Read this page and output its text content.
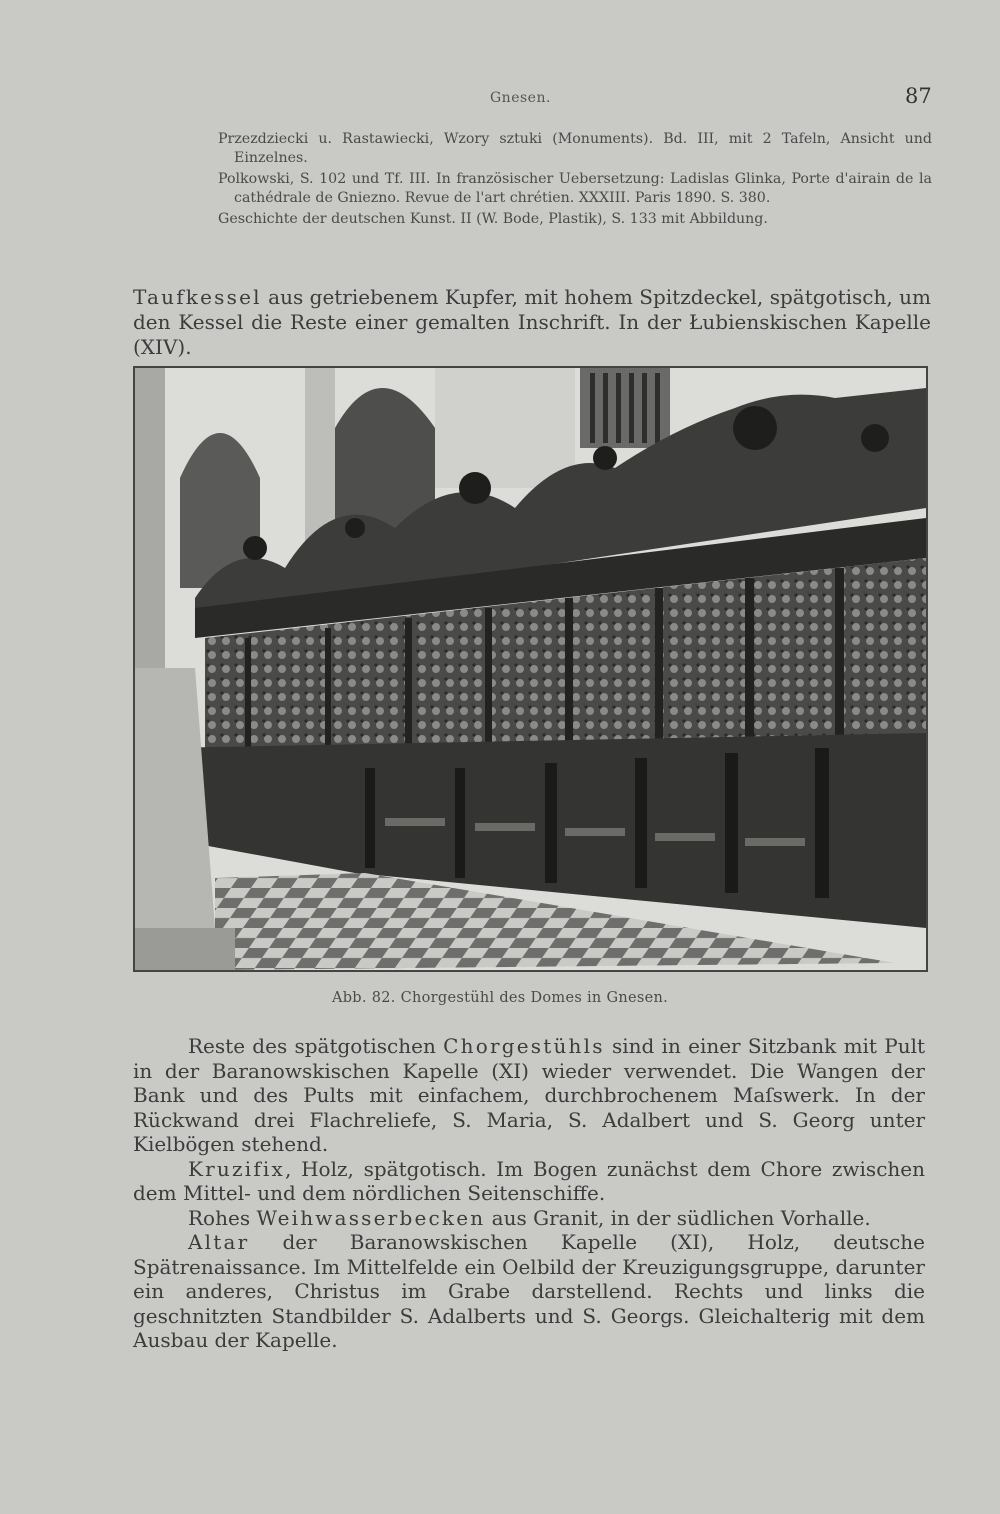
Gnesen.	87

Przezdziecki u. Rastawiecki, Wzory sztuki (Monuments). Bd. III, mit 2 Tafeln, Ansicht und Einzelnes.

Polkowski, S. 102 und Tf. III. In französischer Uebersetzung: Ladislas Glinka, Porte d'airain de la cathédrale de Gniezno. Revue de l'art chrétien. XXXIII. Paris 1890. S. 380.

Geschichte der deutschen Kunst. II (W. Bode, Plastik), S. 133 mit Abbildung.

Taufkessel aus getriebenem Kupfer, mit hohem Spitzdeckel, spätgotisch, um den Kessel die Reste einer gemalten Inschrift. In der Łubienskischen Kapelle (XIV).

Abb. 82. Chorgestühl des Domes in Gnesen.

Reste des spätgotischen Chorgestühls sind in einer Sitzbank mit Pult in der Baranowskischen Kapelle (XI) wieder verwendet. Die Wangen der Bank und des Pults mit einfachem, durchbrochenem Maſswerk. In der Rückwand drei Flachreliefe, S. Maria, S. Adalbert und S. Georg unter Kielbögen stehend.

Kruzifix, Holz, spätgotisch. Im Bogen zunächst dem Chore zwischen dem Mittel- und dem nördlichen Seitenschiffe.

Rohes Weihwasserbecken aus Granit, in der südlichen Vorhalle.

Altar der Baranowskischen Kapelle (XI), Holz, deutsche Spätrenaissance. Im Mittelfelde ein Oelbild der Kreuzigungsgruppe, darunter ein anderes, Christus im Grabe darstellend. Rechts und links die geschnitzten Standbilder S. Adalberts und S. Georgs. Gleichalterig mit dem Ausbau der Kapelle.
